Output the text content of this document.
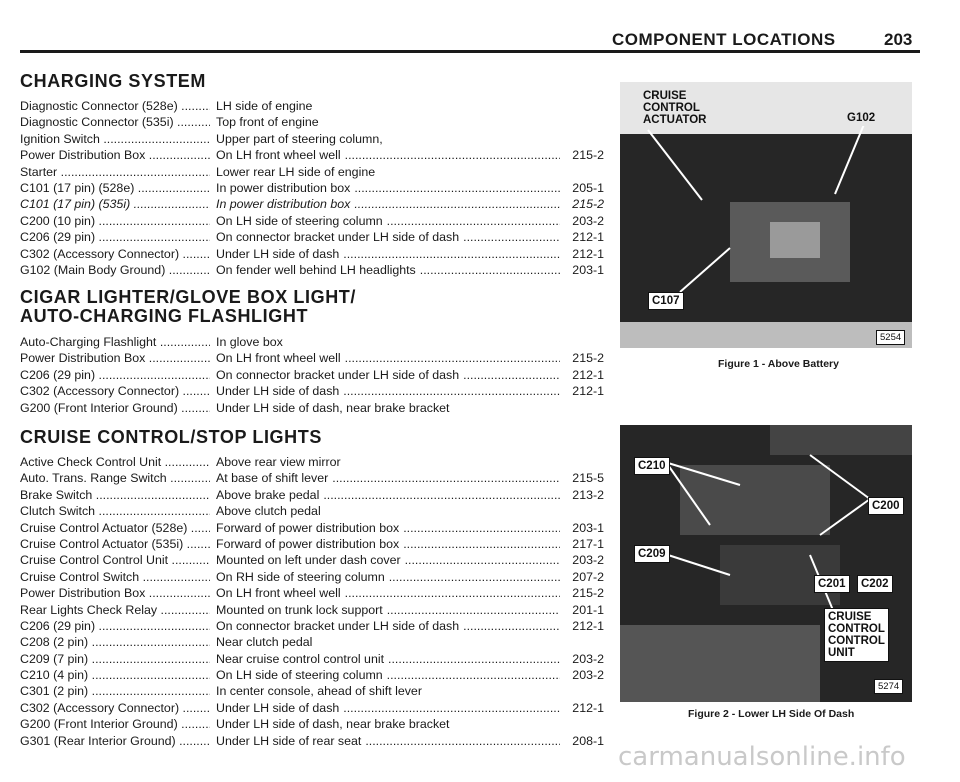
COMPONENT LOCATIONS	203
CHARGING SYSTEM
Diagnostic Connector (528e) .....	LH side of engine
Diagnostic Connector (535i) .....	Top front of engine
Ignition Switch .....	Upper part of steering column,
Power Distribution Box .....	On LH front wheel well .....	215-2
Starter .....	Lower rear LH side of engine
C101 (17 pin) (528e) .....	In power distribution box .....	205-1
C101 (17 pin) (535i) .....	In power distribution box .....	215-2
C200 (10 pin) .....	On LH side of steering column .....	203-2
C206 (29 pin) .....	On connector bracket under LH side of dash .....	212-1
C302 (Accessory Connector) .....	Under LH side of dash .....	212-1
G102 (Main Body Ground) .....	On fender well behind LH headlights .....	203-1
CIGAR LIGHTER/GLOVE BOX LIGHT/
AUTO-CHARGING FLASHLIGHT
Auto-Charging Flashlight .....	In glove box
Power Distribution Box .....	On LH front wheel well .....	215-2
C206 (29 pin) .....	On connector bracket under LH side of dash .....	212-1
C302 (Accessory Connector) .....	Under LH side of dash .....	212-1
G200 (Front Interior Ground) .....	Under LH side of dash, near brake bracket
CRUISE CONTROL/STOP LIGHTS
Active Check Control Unit .....	Above rear view mirror
Auto. Trans. Range Switch .....	At base of shift lever .....	215-5
Brake Switch .....	Above brake pedal .....	213-2
Clutch Switch .....	Above clutch pedal
Cruise Control Actuator (528e) .....	Forward of power distribution box .....	203-1
Cruise Control Actuator (535i) .....	Forward of power distribution box .....	217-1
Cruise Control Control Unit .....	Mounted on left under dash cover .....	203-2
Cruise Control Switch .....	On RH side of steering column .....	207-2
Power Distribution Box .....	On LH front wheel well .....	215-2
Rear Lights Check Relay .....	Mounted on trunk lock support .....	201-1
C206 (29 pin) .....	On connector bracket under LH side of dash .....	212-1
C208 (2 pin) .....	Near clutch pedal
C209 (7 pin) .....	Near cruise control control unit .....	203-2
C210 (4 pin) .....	On LH side of steering column .....	203-2
C301 (2 pin) .....	In center console, ahead of shift lever
C302 (Accessory Connector) .....	Under LH side of dash .....	212-1
G200 (Front Interior Ground) .....	Under LH side of dash, near brake bracket
G301 (Rear Interior Ground) .....	Under LH side of rear seat .....	208-1
CRUISE
CONTROL
ACTUATOR	G102
C107
5254
Figure 1 - Above Battery
C210
C200
C209
C201	C202
CRUISE
CONTROL
CONTROL
UNIT
5274
Figure 2 - Lower LH Side Of Dash
carmanualsonline.info
